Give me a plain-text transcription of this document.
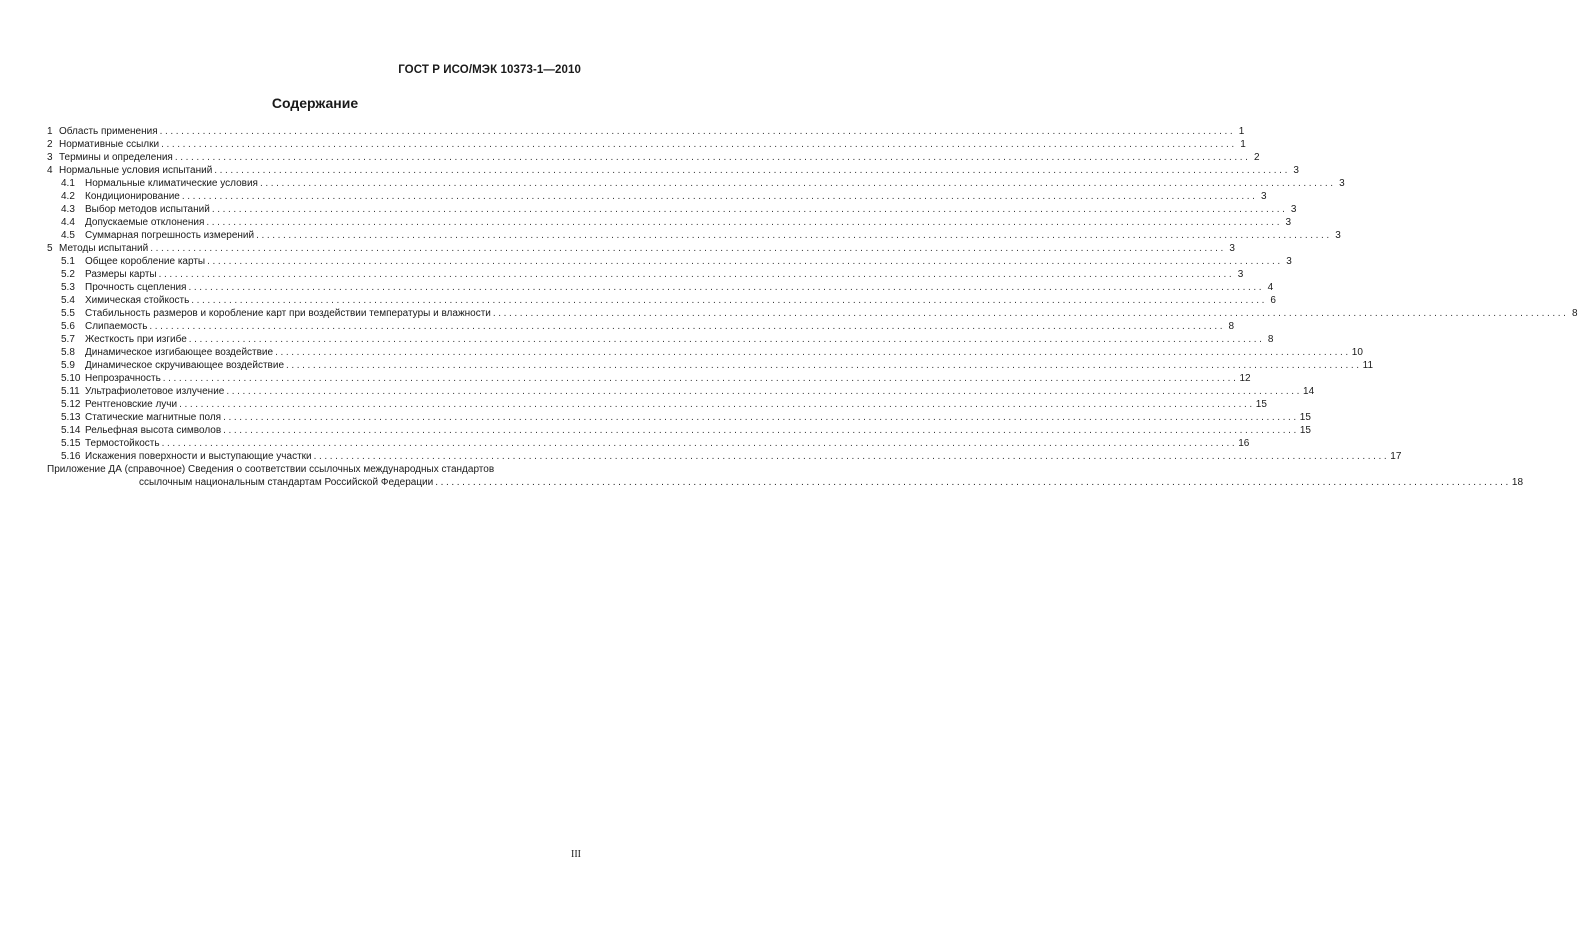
ГОСТ Р ИСО/МЭК 10373-1—2010
Содержание
1 Область применения ........................................................................................................................................................................................................ 1
2 Нормативные ссылки ........................................................................................................................................................................................................ 1
3 Термины и определения ........................................................................................................................................................................................................ 2
4 Нормальные условия испытаний ........................................................................................................................................................................................................ 3
4.1	Нормальные климатические условия ........................................................................................................................................................................................................ 3
4.2	Кондиционирование ........................................................................................................................................................................................................ 3
4.3	Выбор методов испытаний ........................................................................................................................................................................................................ 3
4.4	Допускаемые отклонения ........................................................................................................................................................................................................ 3
4.5	Суммарная погрешность измерений ........................................................................................................................................................................................................ 3
5 Методы испытаний ........................................................................................................................................................................................................ 3
5.1	Общее коробление карты ........................................................................................................................................................................................................ 3
5.2	Размеры карты ........................................................................................................................................................................................................ 3
5.3	Прочность сцепления ........................................................................................................................................................................................................ 4
5.4	Химическая стойкость ........................................................................................................................................................................................................ 6
5.5	Стабильность размеров и коробление карт при воздействии температуры и влажности ........................................................................................................................................................................................................ 8
5.6	Слипаемость ........................................................................................................................................................................................................ 8
5.7	Жесткость при изгибе ........................................................................................................................................................................................................ 8
5.8	Динамическое изгибающее воздействие ........................................................................................................................................................................................................ 10
5.9	Динамическое скручивающее воздействие ........................................................................................................................................................................................................ 11
5.10 Непрозрачность ........................................................................................................................................................................................................ 12
5.11 Ультрафиолетовое излучение ........................................................................................................................................................................................................ 14
5.12 Рентгеновские лучи ........................................................................................................................................................................................................ 15
5.13 Статические магнитные поля ........................................................................................................................................................................................................ 15
5.14 Рельефная высота символов ........................................................................................................................................................................................................ 15
5.15 Термостойкость ........................................................................................................................................................................................................ 16
5.16 Искажения поверхности и выступающие участки ........................................................................................................................................................................................................ 17
Приложение ДА (справочное) Сведения о соответствии ссылочных международных стандартов
ссылочным национальным стандартам Российской Федерации ........................................................................................................................................................................................................ 18
III
